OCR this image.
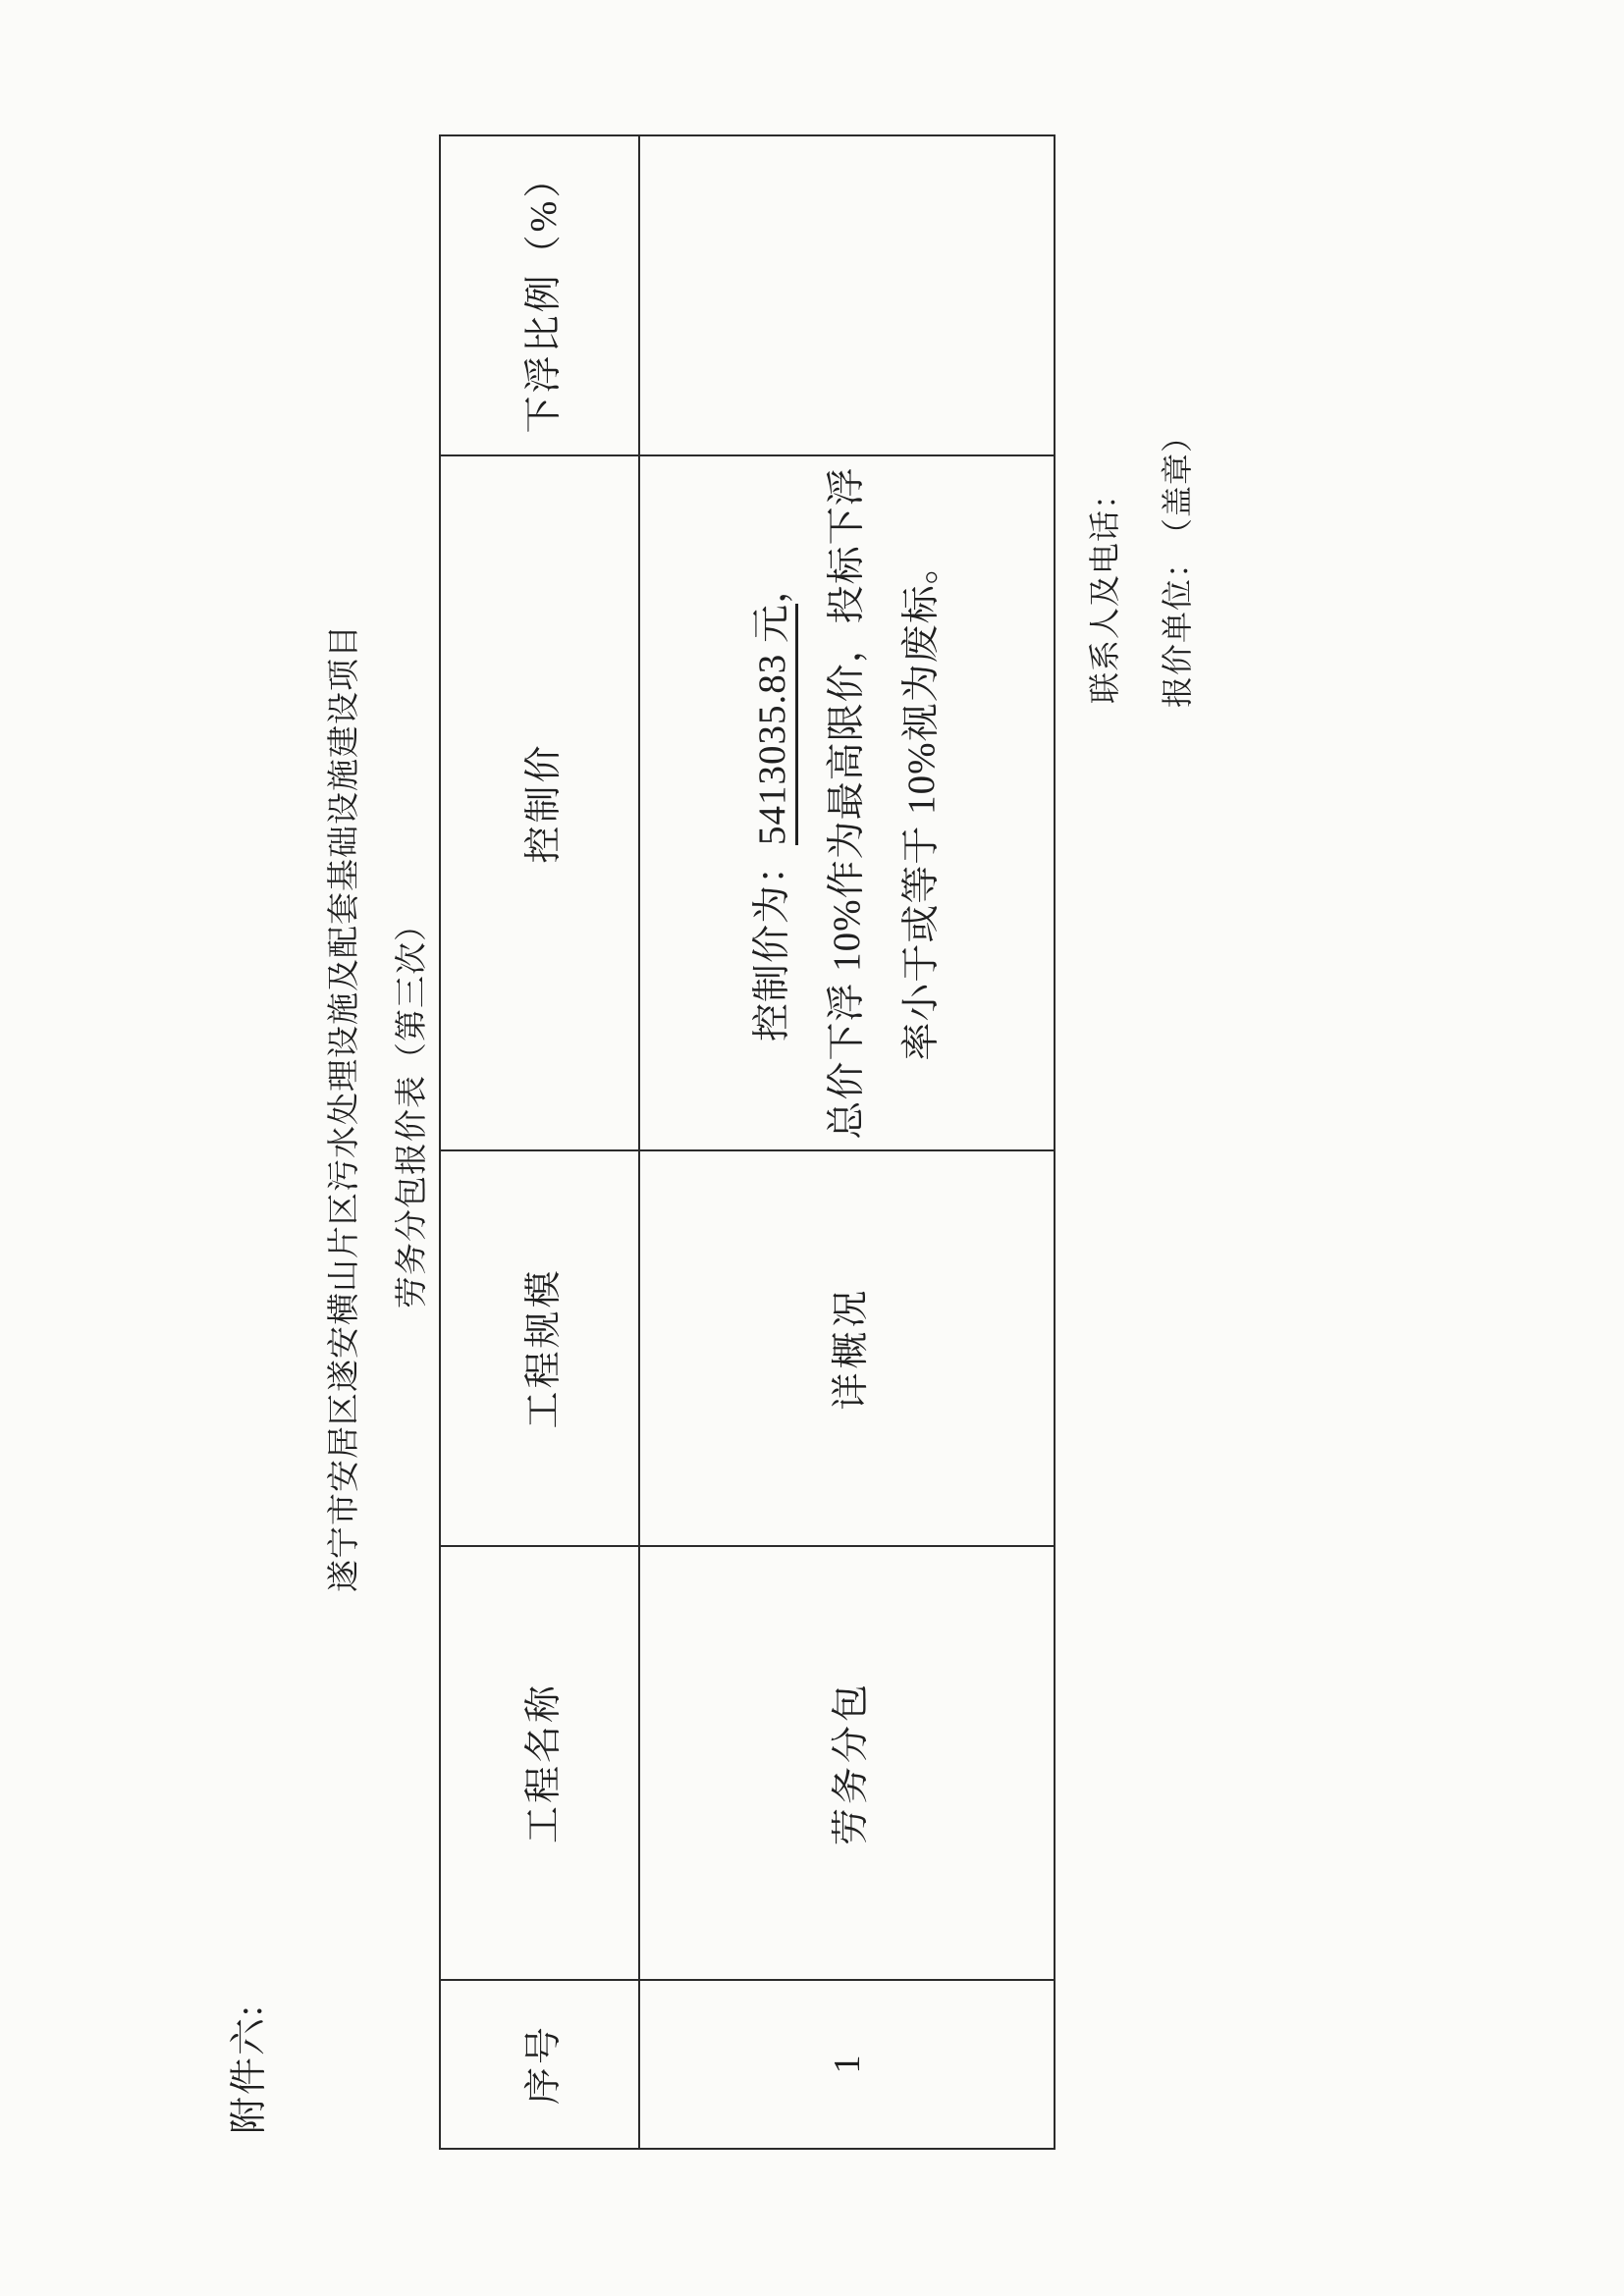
附件六:
遂宁市安居区遂安横山片区污水处理设施及配套基础设施建设项目 劳务分包报价表（第三次）
序号	工程名称	工程规模	控制价	下浮比例（%）
1	劳务分包	详概况	控制价为：5413035.83 元， 总价下浮 10%作为最高限价，投标下浮 率小于或等于 10%视为废标。	
		联系人及电话： 报价单位：（盖章）
